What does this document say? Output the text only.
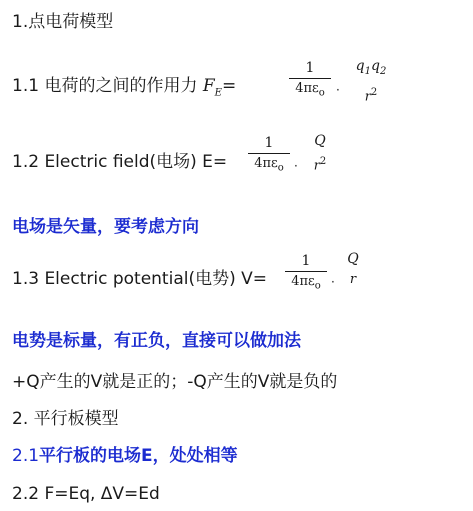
1.点电荷模型
1.1 电荷的之间的作用力 $F_E=$
1
$4\pi\varepsilon_o$ ·
$q_1q_2$
$r^2$
1.2 Electric field(电场) E=
1
$4\pi\varepsilon_o$ ·
Q
$r^2$
电场是矢量，要考虑方向
1.3 Electric potential(电势) V=
1
$4\pi\varepsilon_o$ ·
Q
r
电势是标量，有正负，直接可以做加法
+Q产生的V就是正的；-Q产生的V就是负的
2. 平行板模型
2.1平行板的电场E，处处相等
2.2 F=Eq, ΔV=Ed
